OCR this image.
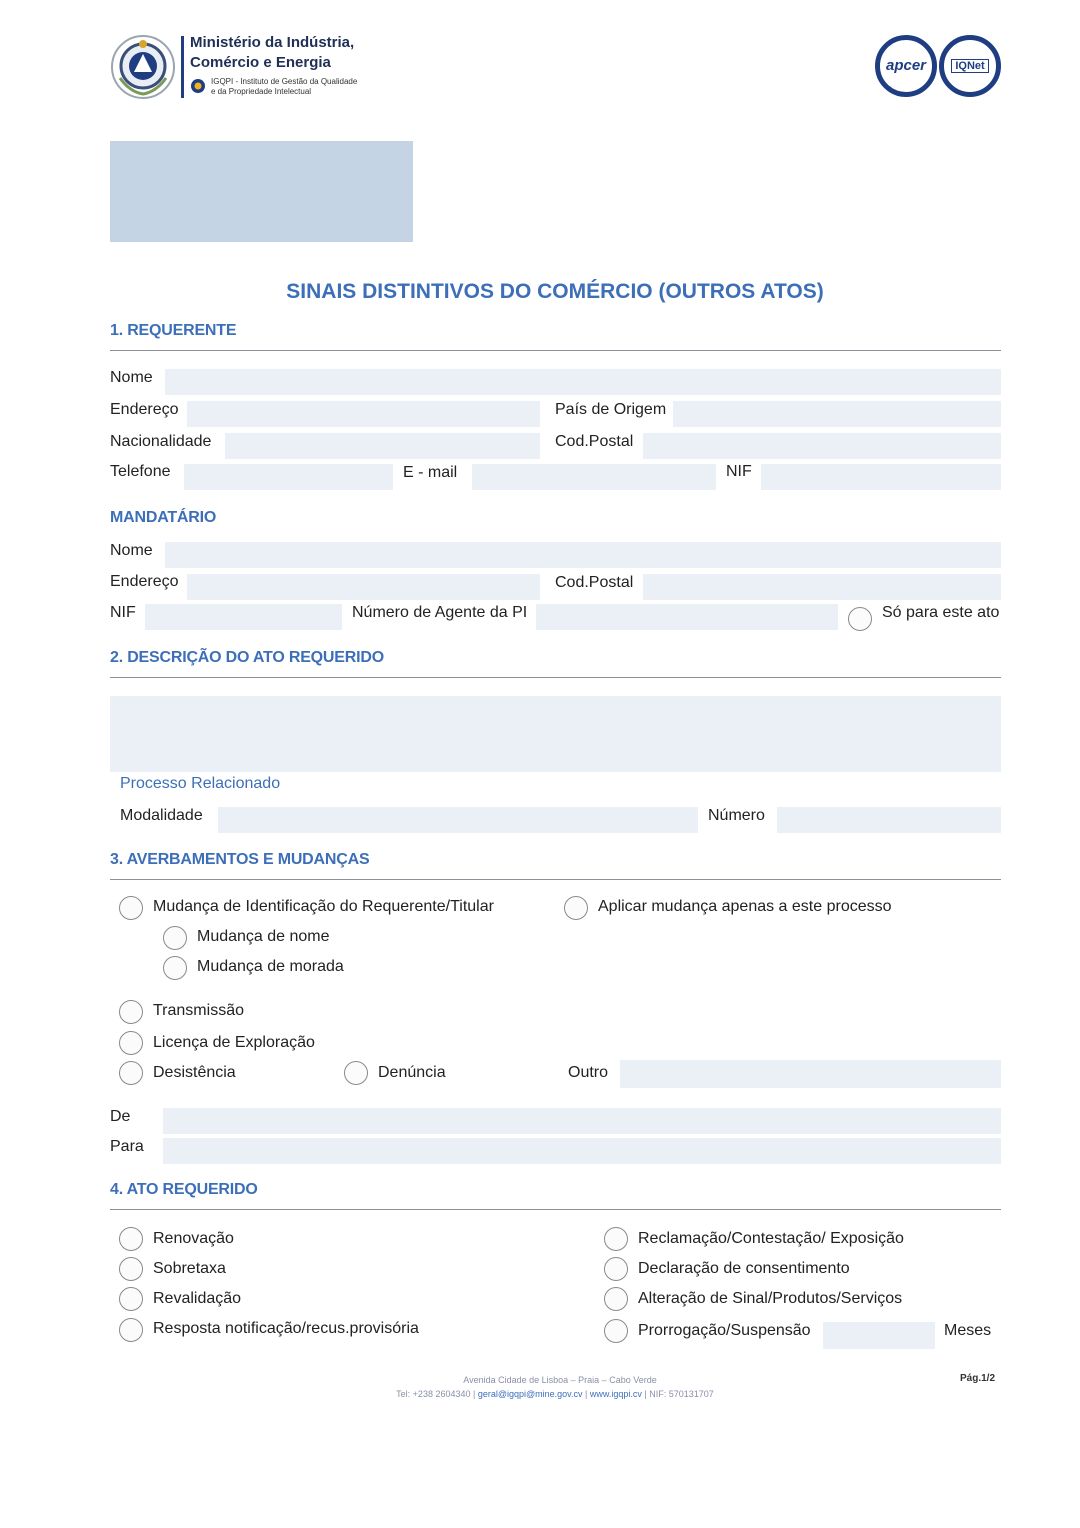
Ministério da Indústria,
Comércio e Energia
IGQPI - Instituto de Gestão da Qualidade
e da Propriedade Intelectual
apcer	IQNet
SINAIS DISTINTIVOS DO COMÉRCIO (OUTROS ATOS)
1. REQUERENTE
Nome
Endereço	País de Origem
Nacionalidade	Cod.Postal
Telefone	E - mail	NIF
MANDATÁRIO
Nome
Endereço	Cod.Postal
NIF	Número de Agente da PI	Só para este ato
2. DESCRIÇÃO DO ATO REQUERIDO
Processo Relacionado
Modalidade	Número
3. AVERBAMENTOS E MUDANÇAS
Mudança de Identificação do Requerente/Titular	Aplicar mudança apenas a este processo
Mudança de nome
Mudança de morada
Transmissão
Licença de Exploração
Desistência	Denúncia	Outro
De
Para
4. ATO REQUERIDO
Renovação
Sobretaxa
Revalidação
Resposta notificação/recus.provisória
Reclamação/Contestação/ Exposição
Declaração de consentimento
Alteração de Sinal/Produtos/Serviços
Prorrogação/Suspensão	Meses
Avenida Cidade de Lisboa – Praia – Cabo Verde
Tel: +238 2604340 | geral@igqpi@mine.gov.cv | www.igqpi.cv | NIF: 570131707
Pág.1/2
